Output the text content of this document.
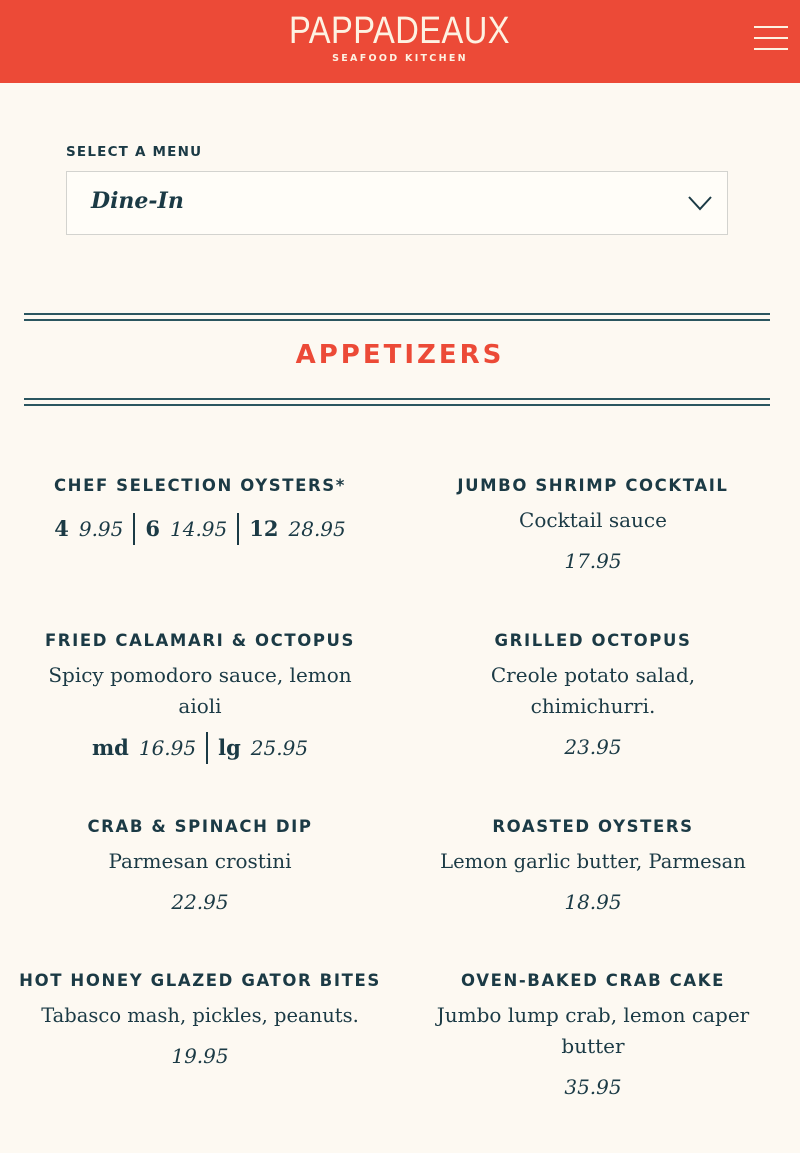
PAPPADEAUX
SEAFOOD KITCHEN
SELECT A MENU
Dine-In
APPETIZERS
CHEF SELECTION OYSTERS*
4 9.95 6 14.95 12 28.95
JUMBO SHRIMP COCKTAIL
Cocktail sauce
17.95
FRIED CALAMARI & OCTOPUS
Spicy pomodoro sauce, lemon aioli
md 16.95 lg 25.95
GRILLED OCTOPUS
Creole potato salad, chimichurri.
23.95
CRAB & SPINACH DIP
Parmesan crostini
22.95
ROASTED OYSTERS
Lemon garlic butter, Parmesan
18.95
HOT HONEY GLAZED GATOR BITES
Tabasco mash, pickles, peanuts.
19.95
OVEN-BAKED CRAB CAKE
Jumbo lump crab, lemon caper butter
35.95
